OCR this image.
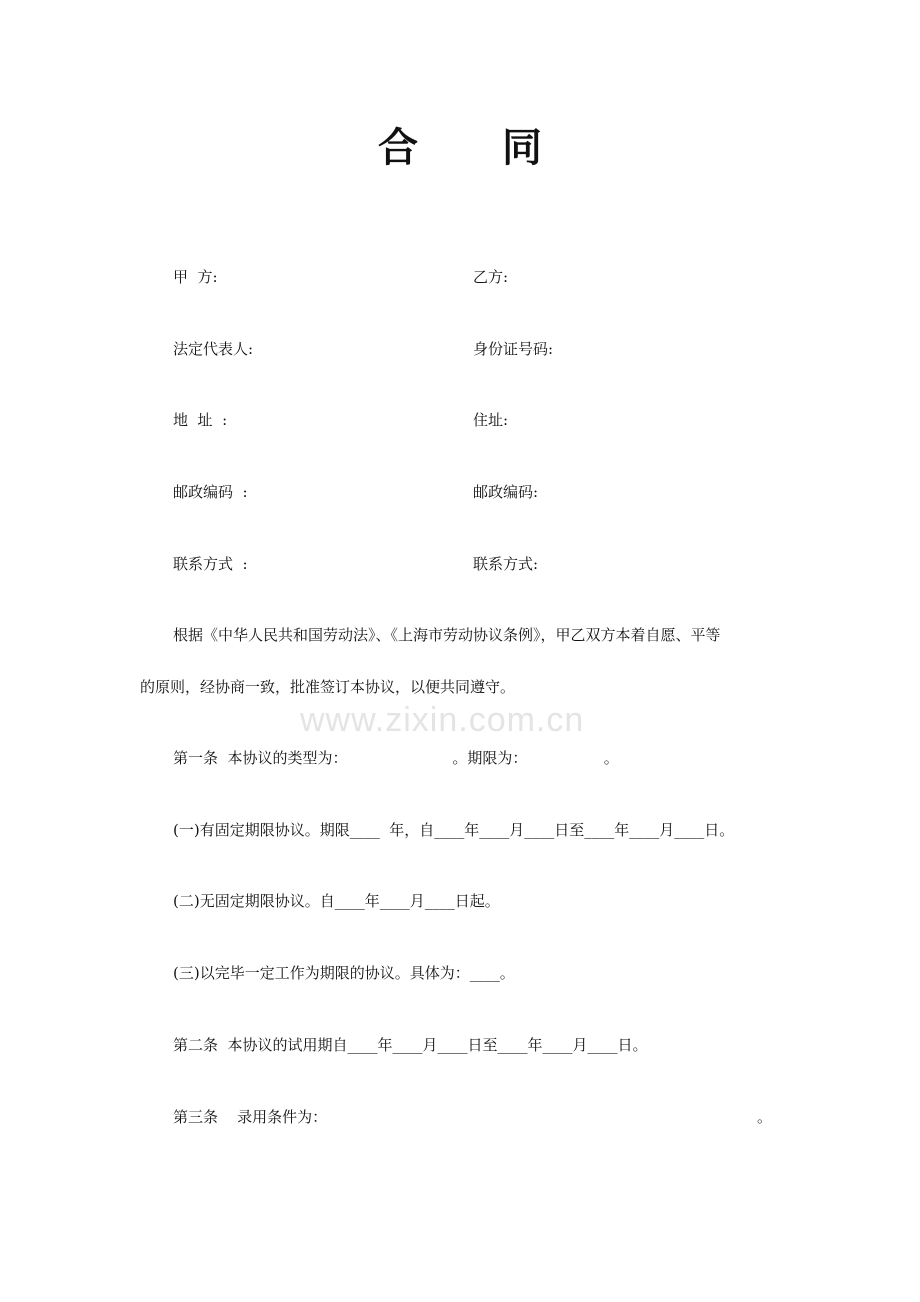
合 同
www.zixin.com.cn
甲  方:	乙方:
法定代表人:	身份证号码:
地  址  :	住址:
邮政编码  :	邮政编码:
联系方式  :	联系方式:
根据《中华人民共和国劳动法》、《上海市劳动协议条例》，甲乙双方本着自愿、平等
的原则，经协商一致，批准签订本协议，以便共同遵守。
第一条  本协议的类型为：                      。期限为：                。
(一)有固定期限协议。期限____  年，自____年____月____日至____年____月____日。
(二)无固定期限协议。自____年____月____日起。
(三)以完毕一定工作为期限的协议。具体为：____。
第二条  本协议的试用期自____年____月____日至____年____月____日。
第三条    录用条件为：	。
